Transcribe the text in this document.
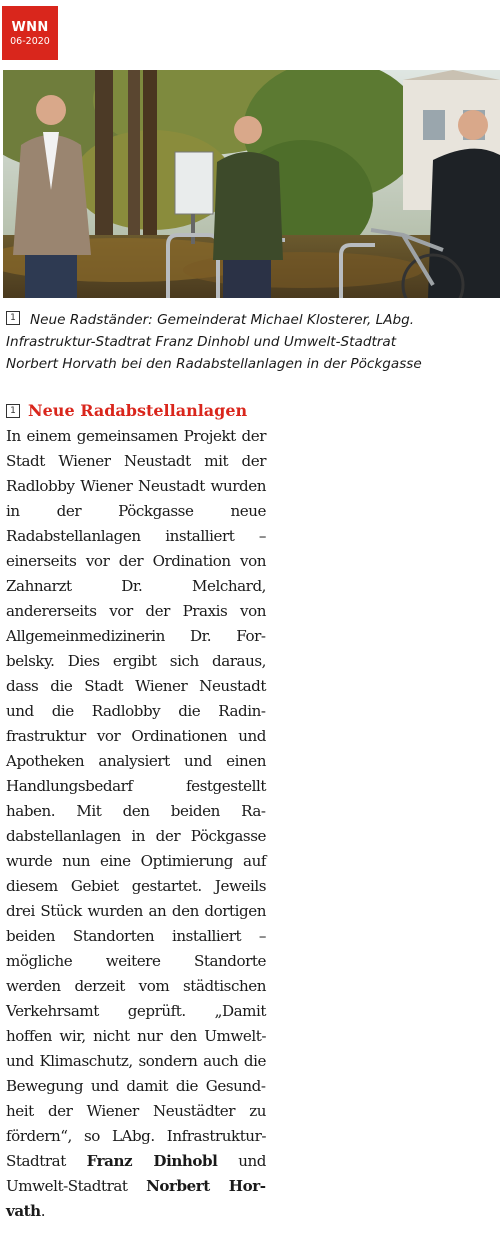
WNN
06-2020
1 Neue Radständer: Gemeinderat Michael Klosterer, LAbg.
Infrastruktur-Stadtrat Franz Dinhobl und Umwelt-Stadtrat
Norbert Horvath bei den Radabstellanlagen in der Pöckgasse
1 Neue Radabstellanlagen
In einem gemeinsamen Projekt der Stadt Wiener Neustadt mit der Radlobby Wiener Neustadt wurden in der Pöckgasse neue Radabstellanlagen installiert – einerseits vor der Ordination von Zahnarzt Dr. Melchard, andererseits vor der Praxis von Allgemeinmedizinerin Dr. Forbelsky. Dies ergibt sich daraus, dass die Stadt Wiener Neustadt und die Radlobby die Radinfrastruktur vor Ordinationen und Apotheken analysiert und einen Handlungsbedarf festgestellt haben. Mit den beiden Radabstellanlagen in der Pöckgasse wurde nun eine Optimierung auf diesem Gebiet gestartet. Jeweils drei Stück wurden an den dortigen beiden Standorten installiert – mögliche weitere Standorte werden derzeit vom städtischen Verkehrsamt geprüft. „Damit hoffen wir, nicht nur den Umwelt- und Klimaschutz, sondern auch die Bewegung und damit die Gesundheit der Wiener Neustädter zu fördern“, so LAbg. Infrastruktur-Stadtrat Franz Dinhobl und Umwelt-Stadtrat Norbert Horvath.
